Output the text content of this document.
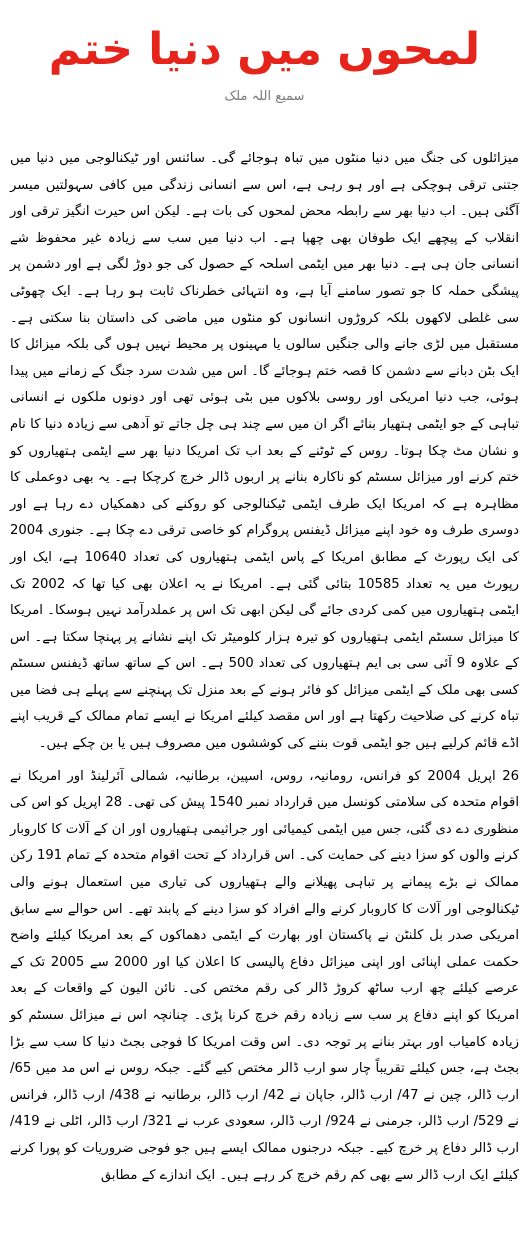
لمحوں میں دنیا ختم
سمیع اللہ ملک

میزائلوں کی جنگ میں دنیا منٹوں میں تباہ ہوجائے گی۔ سائنس اور ٹیکنالوجی میں دنیا میں جتنی ترقی ہوچکی ہے اور ہو رہی ہے، اس سے انسانی زندگی میں کافی سہولتیں میسر آگئی ہیں۔ اب دنیا بھر سے رابطہ محض لمحوں کی بات ہے۔ لیکن اس حیرت انگیز ترقی اور انقلاب کے پیچھے ایک طوفان بھی چھپا ہے۔ اب دنیا میں سب سے زیادہ غیر محفوظ شے انسانی جان ہی ہے۔ دنیا بھر میں ایٹمی اسلحہ کے حصول کی جو دوڑ لگی ہے اور دشمن پر پیشگی حملہ کا جو تصور سامنے آیا ہے، وہ انتہائی خطرناک ثابت ہو رہا ہے۔ ایک چھوٹی سی غلطی لاکھوں بلکہ کروڑوں انسانوں کو منٹوں میں ماضی کی داستان بنا سکتی ہے۔ مستقبل میں لڑی جانے والی جنگیں سالوں یا مہینوں پر محیط نہیں ہوں گی بلکہ میزائل کا ایک بٹن دبانے سے دشمن کا قصہ ختم ہوجائے گا۔ اس میں شدت سرد جنگ کے زمانے میں پیدا ہوئی، جب دنیا امریکی اور روسی بلاکوں میں بٹی ہوئی تھی اور دونوں ملکوں نے انسانی تباہی کے جو ایٹمی ہتھیار بنائے اگر ان میں سے چند ہی چل جاتے تو آدھی سے زیادہ دنیا کا نام و نشان مٹ چکا ہوتا۔ روس کے ٹوٹنے کے بعد اب تک امریکا دنیا بھر سے ایٹمی ہتھیاروں کو ختم کرنے اور میزائل سسٹم کو ناکارہ بنانے پر اربوں ڈالر خرچ کرچکا ہے۔ یہ بھی دوعملی کا مظاہرہ ہے کہ امریکا ایک طرف ایٹمی ٹیکنالوجی کو روکنے کی دھمکیاں دے رہا ہے اور دوسری طرف وہ خود اپنے میزائل ڈیفنس پروگرام کو خاصی ترقی دے چکا ہے۔ جنوری 2004 کی ایک رپورٹ کے مطابق امریکا کے پاس ایٹمی ہتھیاروں کی تعداد 10640 ہے، ایک اور رپورٹ میں یہ تعداد 10585 بتائی گئی ہے۔ امریکا نے یہ اعلان بھی کیا تھا کہ 2002 تک ایٹمی ہتھیاروں میں کمی کردی جائے گی لیکن ابھی تک اس پر عملدرآمد نہیں ہوسکا۔ امریکا کا میزائل سسٹم ایٹمی ہتھیاروں کو تیرہ ہزار کلومیٹر تک اپنے نشانے پر پہنچا سکتا ہے۔ اس کے علاوہ 9 آئی سی بی ایم ہتھیاروں کی تعداد 500 ہے۔ اس کے ساتھ ساتھ ڈیفنس سسٹم کسی بھی ملک کے ایٹمی میزائل کو فائر ہونے کے بعد منزل تک پہنچنے سے پہلے ہی فضا میں تباہ کرنے کی صلاحیت رکھتا ہے اور اس مقصد کیلئے امریکا نے ایسے تمام ممالک کے قریب اپنے اڈے قائم کرلیے ہیں جو ایٹمی قوت بننے کی کوششوں میں مصروف ہیں یا بن چکے ہیں۔

26 اپریل 2004 کو فرانس، رومانیہ، روس، اسپین، برطانیہ، شمالی آئرلینڈ اور امریکا نے اقوام متحدہ کی سلامتی کونسل میں قرارداد نمبر 1540 پیش کی تھی۔ 28 اپریل کو اس کی منظوری دے دی گئی، جس میں ایٹمی کیمیائی اور جراثیمی ہتھیاروں اور ان کے آلات کا کاروبار کرنے والوں کو سزا دینے کی حمایت کی۔ اس قرارداد کے تحت اقوام متحدہ کے تمام 191 رکن ممالک نے بڑے پیمانے پر تباہی پھیلانے والے ہتھیاروں کی تیاری میں استعمال ہونے والی ٹیکنالوجی اور آلات کا کاروبار کرنے والے افراد کو سزا دینے کے پابند تھے۔ اس حوالے سے سابق امریکی صدر بل کلنٹن نے پاکستان اور بھارت کے ایٹمی دھماکوں کے بعد امریکا کیلئے واضح حکمت عملی اپنائی اور اپنی میزائل دفاع پالیسی کا اعلان کیا اور 2000 سے 2005 تک کے عرصے کیلئے چھ ارب ساٹھ کروڑ ڈالر کی رقم مختص کی۔ نائن الیون کے واقعات کے بعد امریکا کو اپنے دفاع پر سب سے زیادہ رقم خرچ کرنا پڑی۔ چنانچہ اس نے میزائل سسٹم کو زیادہ کامیاب اور بہتر بنانے پر توجہ دی۔ اس وقت امریکا کا فوجی بجٹ دنیا کا سب سے بڑا بجٹ ہے، جس کیلئے تقریباً چار سو ارب ڈالر مختص کیے گئے۔ جبکہ روس نے اس مد میں 65/ ارب ڈالر، چین نے 47/ ارب ڈالر، جاپان نے 42/ ارب ڈالر، برطانیہ نے 438/ ارب ڈالر، فرانس نے 529/ ارب ڈالر، جرمنی نے 924/ ارب ڈالر، سعودی عرب نے 321/ ارب ڈالر، اٹلی نے 419/ ارب ڈالر دفاع پر خرچ کیے۔ جبکہ درجنوں ممالک ایسے ہیں جو فوجی ضروریات کو پورا کرنے کیلئے ایک ارب ڈالر سے بھی کم رقم خرچ کر رہے ہیں۔ ایک اندازے کے مطابق
